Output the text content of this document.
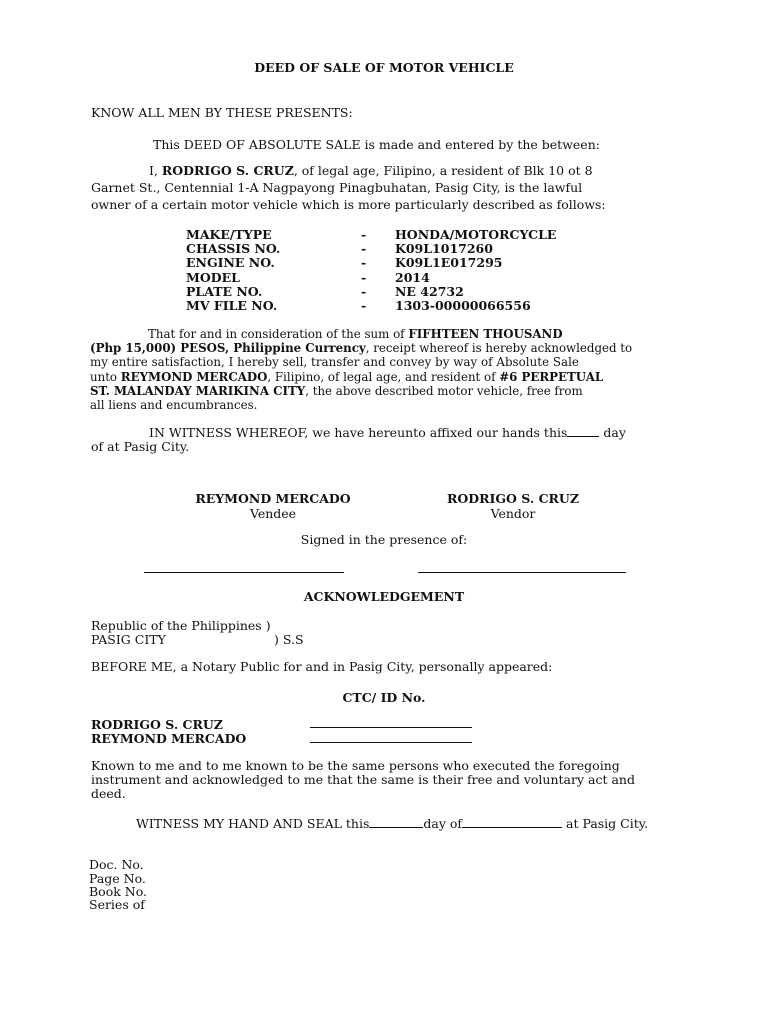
DEED OF SALE OF MOTOR VEHICLE
KNOW ALL MEN BY THESE PRESENTS:
This DEED OF ABSOLUTE SALE is made and entered by the between:
I, RODRIGO S. CRUZ, of legal age, Filipino, a resident of Blk 10 ot 8
Garnet St., Centennial 1-A Nagpayong Pinagbuhatan, Pasig City, is the lawful
owner of a certain motor vehicle which is more particularly described as follows:
MAKE/TYPE	-	HONDA/MOTORCYCLE
CHASSIS NO.	-	K09L1017260
ENGINE NO.	-	K09L1E017295
MODEL	-	2014
PLATE NO.	-	NE 42732
MV FILE NO.	-	1303-00000066556
That for and in consideration of the sum of FIFHTEEN THOUSAND
(Php 15,000) PESOS, Philippine Currency, receipt whereof is hereby acknowledged to
my entire satisfaction, I hereby sell, transfer and convey by way of Absolute Sale
unto REYMOND MERCADO, Filipino, of legal age, and resident of #6 PERPETUAL
ST. MALANDAY MARIKINA CITY, the above described motor vehicle, free from
all liens and encumbrances.
IN WITNESS WHEREOF, we have hereunto affixed our hands this	day
of at Pasig City.
REYMOND MERCADO
Vendee
RODRIGO S. CRUZ
Vendor
Signed in the presence of:
ACKNOWLEDGEMENT
Republic of the Philippines )
PASIG CITY	) S.S
BEFORE ME, a Notary Public for and in Pasig City, personally appeared:
CTC/ ID No.
RODRIGO S. CRUZ
REYMOND MERCADO
Known to me and to me known to be the same persons who executed the foregoing
instrument and acknowledged to me that the same is their free and voluntary act and
deed.
WITNESS MY HAND AND SEAL this	day of	at Pasig City.
Doc. No.
Page No.
Book No.
Series of
